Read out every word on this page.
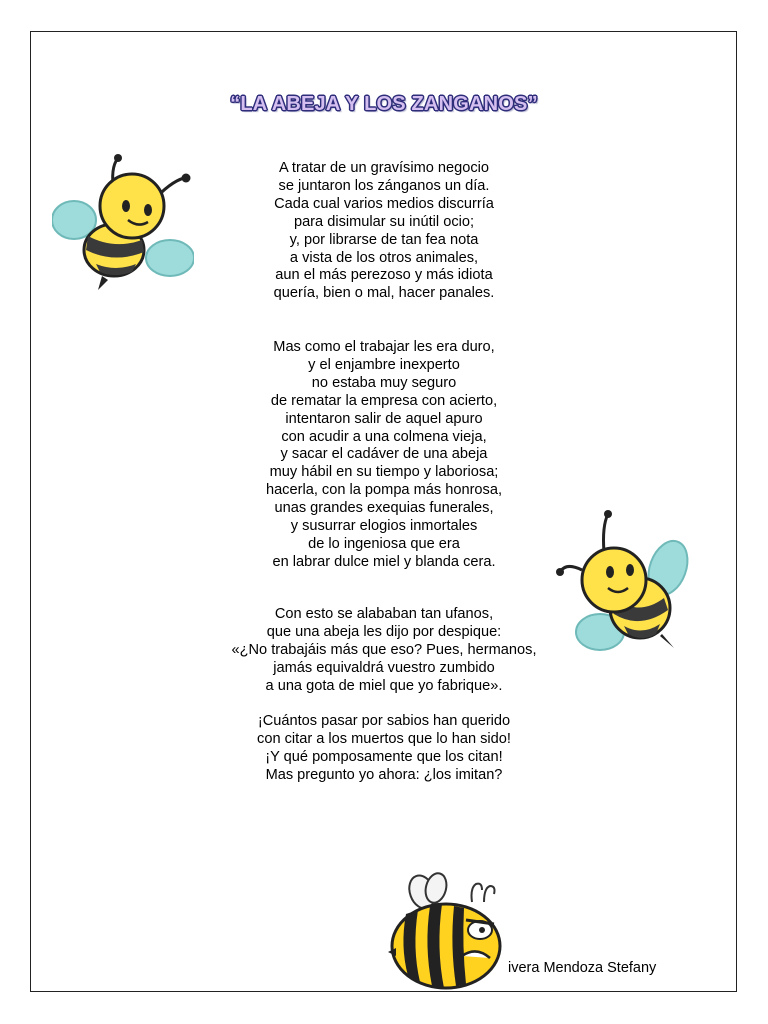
“LA ABEJA Y LOS ZANGANOS”
A tratar de un gravísimo negocio
se juntaron los zánganos un día.
Cada cual varios medios discurría
para disimular su inútil ocio;
y, por librarse de tan fea nota
a vista de los otros animales,
aun el más perezoso y más idiota
quería, bien o mal, hacer panales.
Mas como el trabajar les era duro,
y el enjambre inexperto
no estaba muy seguro
de rematar la empresa con acierto,
intentaron salir de aquel apuro
con acudir a una colmena vieja,
y sacar el cadáver de una abeja
muy hábil en su tiempo y laboriosa;
hacerla, con la pompa más honrosa,
unas grandes exequias funerales,
y susurrar elogios inmortales
de lo ingeniosa que era
en labrar dulce miel y blanda cera.
Con esto se alababan tan ufanos,
que una abeja les dijo por despique:
«¿No trabajáis más que eso? Pues, hermanos,
jamás equivaldrá vuestro zumbido
a una gota de miel que yo fabrique».
¡Cuántos pasar por sabios han querido
con citar a los muertos que lo han sido!
¡Y qué pomposamente que los citan!
Mas pregunto yo ahora: ¿los imitan?
ivera Mendoza Stefany
